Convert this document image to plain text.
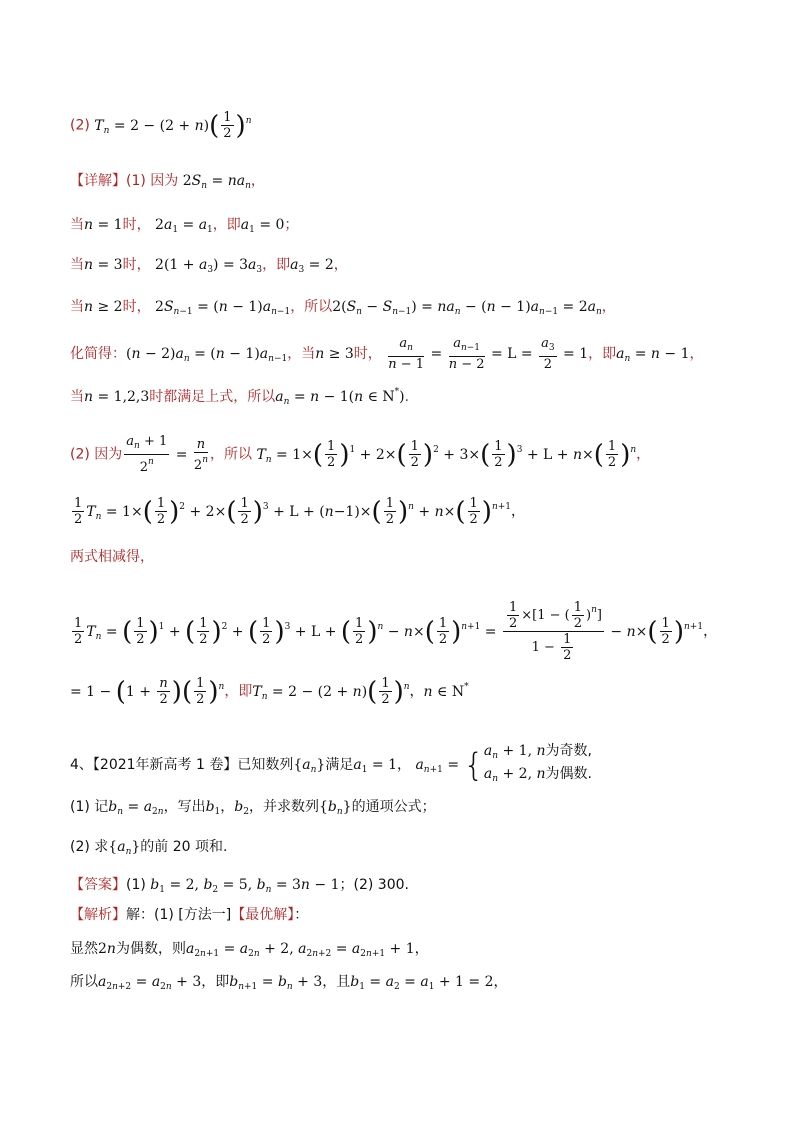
(2) $T_n = 2 - (2 + n)( \frac{1}{2} )^n$
【详解】(1) 因为 $2S_n = na_n$，
当n = 1时， $2a_1 = a_1$，即$a_1 = 0$；
当n = 3时， $2(1 + a_3) = 3a_3$，即$a_3 = 2$，
当n ≥ 2时， $2S_{n-1} = (n - 1)a_{n-1}$，所以$2(S_n - S_{n-1}) = na_n - (n - 1)a_{n-1} = 2a_n$，
化简得：$(n - 2)a_n = (n - 1)a_{n-1}$，当n ≥ 3时， $\frac{a_n}{n - 1} = \frac{a_{n-1}}{n - 2} = L = \frac{a_3}{2} = 1$，即$a_n = n - 1$，
当n = 1,2,3时都满足上式，所以$a_n = n - 1(n$ ∈ N*).
(2) 因为 $\frac{a_n + 1}{2^n} = \frac{n}{2^n}$ ，所以 $T_n = 1\times( \frac{1}{2} )^1 + 2\times( \frac{1}{2} )^2 + 3\times( \frac{1}{2} )^3 + L + n\times( \frac{1}{2} )^n$，
$\frac{1}{2} T_n = 1\times( \frac{1}{2} )^2 + 2\times( \frac{1}{2} )^3 + L + (n-1)\times( \frac{1}{2} )^n + n\times( \frac{1}{2} )^{n+1}$，
两式相减得，
$\frac{1}{2} T_n$ = ( $\frac{1}{2} )^1$ + ( $\frac{1}{2} )^2$ + ( $\frac{1}{2} )^3 + L$ + ( $\frac{1}{2} )^n - n\times( \frac{1}{2} )^{n+1} = \frac{\frac{1}{2} \times[1 - ( \frac{1}{2} )^n]}{1 - \frac{1}{2}} - n\times( \frac{1}{2} )^{n+1}$，
= $1 - (1 + \frac{n}{2}$ )( $\frac{1}{2} )^n$，即$T_n = 2 - (2 + n)( \frac{1}{2} )^n$，n ∈ N*
4、【2021年新高考 1 卷】已知数列$\{a_n\}$满足$a_1 = 1$， $a_{n+1}$ = { $a_n + 1$, n为奇数,
$a_n + 2$, n为偶数.
(1) 记$b_n = a_{2n}$，写出$b_1$，$b_2$，并求数列$\{b_n\}$的通项公式；
(2) 求$\{a_n\}$的前 20 项和.
【答案】(1) $b_1 = 2$, $b_2 = 5$, $b_n = 3n - 1$；(2) 300.
【解析】解：(1) [方法一]【最优解】：
显然2n为偶数，则$a_{2n+1} = a_{2n} + 2$, $a_{2n+2} = a_{2n+1} + 1$，
所以$a_{2n+2} = a_{2n} + 3$，即$b_{n+1} = b_n + 3$，且$b_1 = a_2 = a_1 + 1 = 2$，
